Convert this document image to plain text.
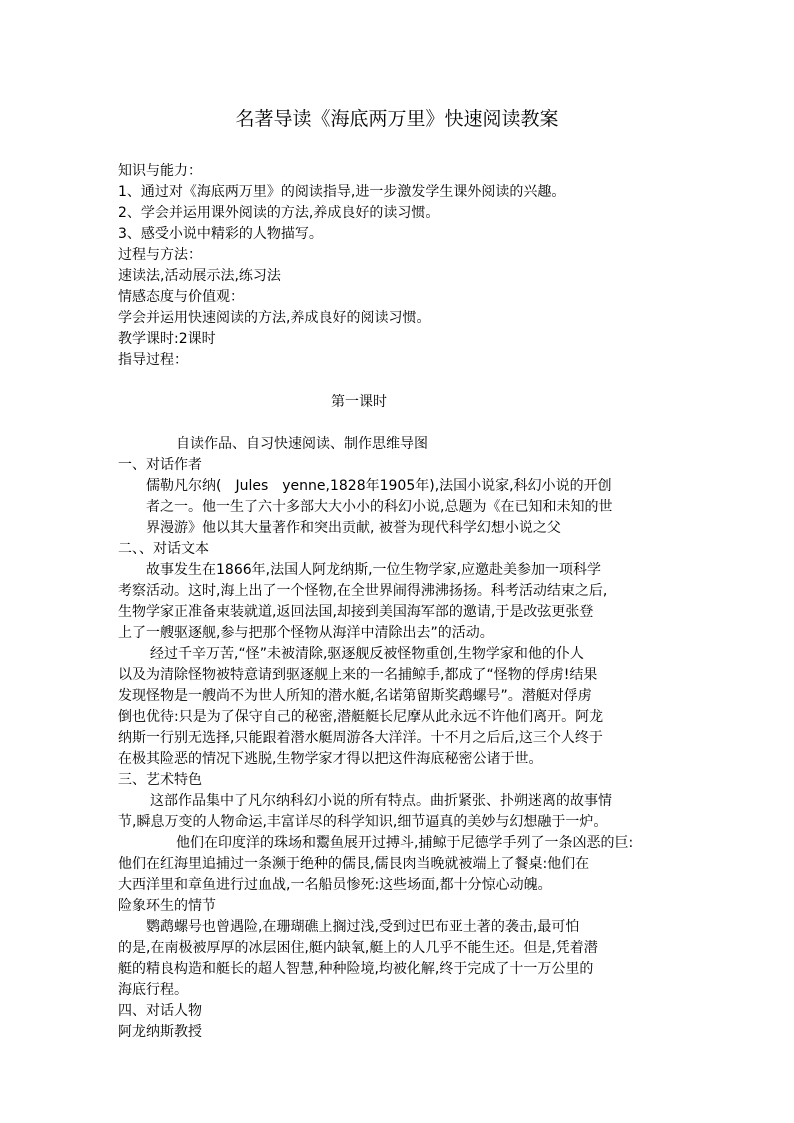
名著导读《海底两万里》快速阅读教案
知识与能力：
1、通过对《海底两万里》的阅读指导,进一步激发学生课外阅读的兴趣。
2、学会并运用课外阅读的方法,养成良好的读习惯。
3、感受小说中精彩的人物描写。
过程与方法：
速读法,活动展示法,练习法
情感态度与价值观：
学会并运用快速阅读的方法,养成良好的阅读习惯。
教学课时:2课时
指导过程：
第一课时
自读作品、自习快速阅读、制作思维导图
一、对话作者
儒勒凡尔纳(　Jules　yenne,1828年1905年),法国小说家,科幻小说的开创
者之一。他一生了六十多部大大小小的科幻小说,总题为《在已知和未知的世
界漫游》他以其大量著作和突出贡献, 被誉为现代科学幻想小说之父
二、、对话文本
故事发生在1866年,法国人阿龙纳斯,一位生物学家,应邀赴美参加一项科学
考察活动。这时,海上出了一个怪物,在全世界闹得沸沸扬扬。科考活动结束之后,
生物学家正准备束装就道,返回法国,却接到美国海军部的邀请,于是改弦更张登
上了一艘驱逐舰,参与把那个怪物从海洋中清除出去”的活动。
经过千辛万苦,“怪”未被清除,驱逐舰反被怪物重创,生物学家和他的仆人
以及为清除怪物被特意请到驱逐舰上来的一名捕鲸手,都成了“怪物的俘虏!结果
发现怪物是一艘尚不为世人所知的潜水艇,名诺第留斯奖鹉螺号”。潜艇对俘虏
倒也优待:只是为了保守自己的秘密,潜艇艇长尼摩从此永远不许他们离开。阿龙
纳斯一行别无选择,只能跟着潜水艇周游各大洋洋。十不月之后后,这三个人终于
在极其险恶的情况下逃脱,生物学家才得以把这件海底秘密公诸于世。
三、艺术特色
这部作品集中了凡尔纳科幻小说的所有特点。曲折紧张、扑朔迷离的故事情
节,瞬息万变的人物命运,丰富详尽的科学知识,细节逼真的美妙与幻想融于一炉。
他们在印度洋的珠场和鬻鱼展开过搏斗,捕鲸于尼德学手列了一条凶恶的巨:
他们在红海里追捕过一条濒于绝种的儒艮,儒艮肉当晚就被端上了餐桌:他们在
大西洋里和章鱼进行过血战,一名船员惨死:这些场面,都十分惊心动魄。
险象环生的情节
鹦鹉螺号也曾遇险,在珊瑚礁上搁过浅,受到过巴布亚土著的袭击,最可怕
的是,在南极被厚厚的冰层困住,艇内缺氧,艇上的人几乎不能生还。但是,凭着潜
艇的精良构造和艇长的超人智慧,种种险境,均被化解,终于完成了十一万公里的
海底行程。
四、对话人物
阿龙纳斯教授
